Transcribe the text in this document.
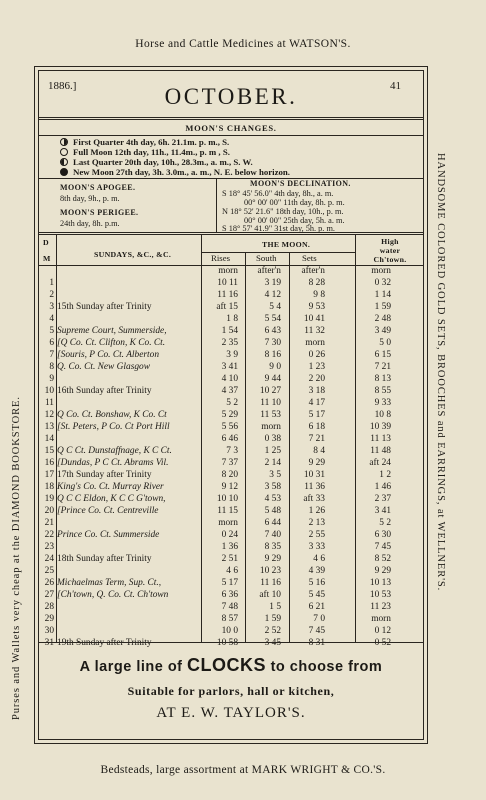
Horse and Cattle Medicines at WATSON'S.
Purses and Wallets very cheap at the DIAMOND BOOKSTORE.	HANDSOME COLORED GOLD SETS, BROOCHES and EARRINGS, at WELLNER'S.
1886.]	41
OCTOBER.
MOON'S CHANGES.
First Quarter 4th day, 6h. 21.1m. p. m., S.
Full Moon 12th day, 11h., 11.4m., p. m , S.
Last Quarter 20th day, 10h., 28.3m., a. m., S. W.
New Moon 27th day, 3h. 3.0m., a. m., N. E. below horizon.
MOON'S APOGEE.
8th day, 9h., p. m.
MOON'S PERIGEE.
24th day, 8h. p.m.
MOON'S DECLINATION.
S 18° 45' 56.0" 4th day, 8h., a. m.
00° 00' 00" 11th day, 8h. p. m.
N 18° 52' 21.6" 18th day, 10h., p. m.
00° 00' 00" 25th day, 5h. a. m.
S 18° 57' 41.9" 31st day, 5h. p. m.
D
M	SUNDAYS, &C., &C.
THE MOON.	High water Ch'town.
Rises	South	Sets
morn	after'n	after'n	morn
1	10 11	3 19	8 28	0 32
2	11 16	4 12	9 8	1 14
3 15th Sunday after Trinity	aft 15	5 4	9 53	1 59
4	1 8	5 54	10 41	2 48
5 Supreme Court, Summerside,	1 54	6 43	11 32	3 49
6 [Q Co. Ct. Clifton, K Co. Ct.	2 35	7 30	morn	5 0
7 [Souris, P Co. Ct. Alberton	3 9	8 16	0 26	6 15
8 Q. Co. Ct. New Glasgow	3 41	9 0	1 23	7 21
9	4 10	9 44	2 20	8 13
10 16th Sunday after Trinity	4 37	10 27	3 18	8 55
11	5 2	11 10	4 17	9 33
12 Q Co. Ct. Bonshaw, K Co. Ct	5 29	11 53	5 17	10 8
13 [St. Peters, P Co. Ct Port Hill	5 56	morn	6 18	10 39
14	6 46	0 38	7 21	11 13
15 Q C Ct. Dunstaffnage, K C Ct.	7 3	1 25	8 4	11 48
16 [Dundas, P C Ct. Abrams Vil.	7 37	2 14	9 29	aft 24
17 17th Sunday after Trinity	8 20	3 5	10 31	1 2
18 King's Co. Ct. Murray River	9 12	3 58	11 36	1 46
19 Q C C Eldon, K C C G'town,	10 10	4 53	aft 33	2 37
20 [Prince Co. Ct. Centreville	11 15	5 48	1 26	3 41
21	morn	6 44	2 13	5 2
22 Prince Co. Ct. Summerside	0 24	7 40	2 55	6 30
23	1 36	8 35	3 33	7 45
24 18th Sunday after Trinity	2 51	9 29	4 6	8 52
25	4 6	10 23	4 39	9 29
26 Michaelmas Term, Sup. Ct.,	5 17	11 16	5 16	10 13
27 [Ch'town, Q. Co. Ct. Ch'town	6 36	aft 10	5 45	10 53
28	7 48	1 5	6 21	11 23
29	8 57	1 59	7 0	morn
30	10 0	2 52	7 45	0 12
31 19th Sunday after Trinity	10 58	3 45	8 31	0 52
A large line of CLOCKS to choose from
Suitable for parlors, hall or kitchen,
AT E. W. TAYLOR'S.
Bedsteads, large assortment at MARK WRIGHT & CO.'S.
